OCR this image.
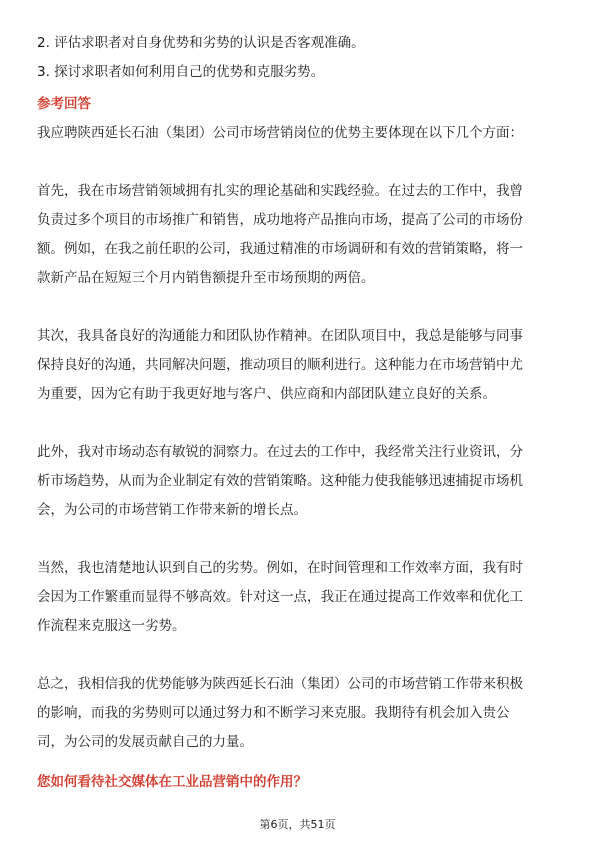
2. 评估求职者对自身优势和劣势的认识是否客观准确。
3. 探讨求职者如何利用自己的优势和克服劣势。
参考回答
我应聘陕西延长石油（集团）公司市场营销岗位的优势主要体现在以下几个方面：
首先，我在市场营销领域拥有扎实的理论基础和实践经验。在过去的工作中，我曾
负责过多个项目的市场推广和销售，成功地将产品推向市场，提高了公司的市场份
额。例如，在我之前任职的公司，我通过精准的市场调研和有效的营销策略，将一
款新产品在短短三个月内销售额提升至市场预期的两倍。
其次，我具备良好的沟通能力和团队协作精神。在团队项目中，我总是能够与同事
保持良好的沟通，共同解决问题，推动项目的顺利进行。这种能力在市场营销中尤
为重要，因为它有助于我更好地与客户、供应商和内部团队建立良好的关系。
此外，我对市场动态有敏锐的洞察力。在过去的工作中，我经常关注行业资讯，分
析市场趋势，从而为企业制定有效的营销策略。这种能力使我能够迅速捕捉市场机
会，为公司的市场营销工作带来新的增长点。
当然，我也清楚地认识到自己的劣势。例如，在时间管理和工作效率方面，我有时
会因为工作繁重而显得不够高效。针对这一点，我正在通过提高工作效率和优化工
作流程来克服这一劣势。
总之，我相信我的优势能够为陕西延长石油（集团）公司的市场营销工作带来积极
的影响，而我的劣势则可以通过努力和不断学习来克服。我期待有机会加入贵公
司，为公司的发展贡献自己的力量。
您如何看待社交媒体在工业品营销中的作用？
第6页，共51页
